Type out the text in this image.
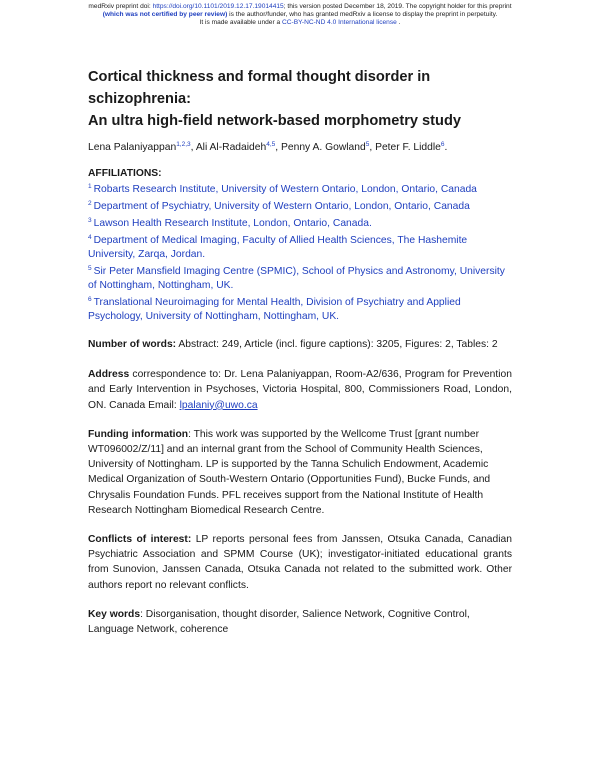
medRxiv preprint doi: https://doi.org/10.1101/2019.12.17.19014415; this version posted December 18, 2019. The copyright holder for this preprint
(which was not certified by peer review) is the author/funder, who has granted medRxiv a license to display the preprint in perpetuity.
It is made available under a CC-BY-NC-ND 4.0 International license .
Cortical thickness and formal thought disorder in schizophrenia:
An ultra high-field network-based morphometry study
Lena Palaniyappan$^{1,2,3}$, Ali Al-Radaideh$^{4,5}$, Penny A. Gowland$^5$, Peter F. Liddle$^6$.
AFFILIATIONS:
$^1$ Robarts Research Institute, University of Western Ontario, London, Ontario, Canada
$^2$ Department of Psychiatry, University of Western Ontario, London, Ontario, Canada
$^3$ Lawson Health Research Institute, London, Ontario, Canada.
$^4$ Department of Medical Imaging, Faculty of Allied Health Sciences, The Hashemite University, Zarqa, Jordan.
$^5$ Sir Peter Mansfield Imaging Centre (SPMIC), School of Physics and Astronomy, University of Nottingham, Nottingham, UK.
$^6$ Translational Neuroimaging for Mental Health, Division of Psychiatry and Applied Psychology, University of Nottingham, Nottingham, UK.
Number of words: Abstract: 249, Article (incl. figure captions): 3205, Figures: 2, Tables: 2
Address correspondence to: Dr. Lena Palaniyappan, Room-A2/636, Program for Prevention and Early Intervention in Psychoses, Victoria Hospital, 800, Commissioners Road, London, ON. Canada Email: lpalaniy@uwo.ca
Funding information: This work was supported by the Wellcome Trust [grant number WT096002/Z/11] and an internal grant from the School of Community Health Sciences, University of Nottingham. LP is supported by the Tanna Schulich Endowment, Academic Medical Organization of South-Western Ontario (Opportunities Fund), Bucke Funds, and Chrysalis Foundation Funds. PFL receives support from the National Institute of Health Research Nottingham Biomedical Research Centre.
Conflicts of interest: LP reports personal fees from Janssen, Otsuka Canada, Canadian Psychiatric Association and SPMM Course (UK); investigator-initiated educational grants from Sunovion, Janssen Canada, Otsuka Canada not related to the submitted work. Other authors report no relevant conflicts.
Key words: Disorganisation, thought disorder, Salience Network, Cognitive Control, Language Network, coherence
